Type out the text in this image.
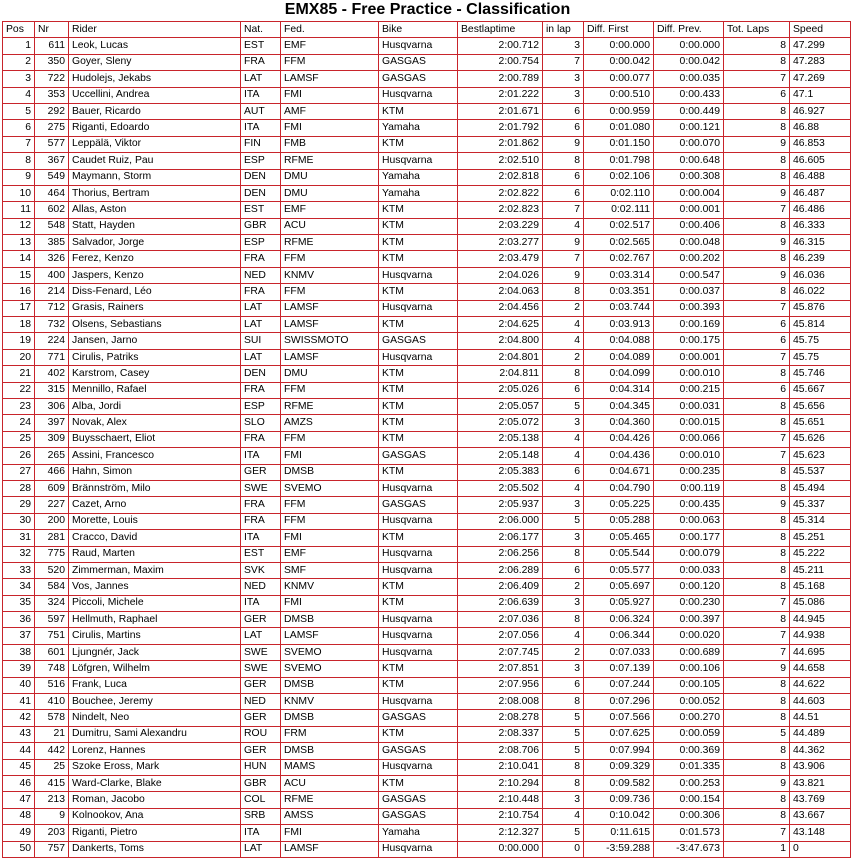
EMX85 - Free Practice - Classification
Pos	Nr	Rider	Nat.	Fed.	Bike	Bestlaptime	in lap	Diff. First	Diff. Prev.	Tot. Laps	Speed
1	611	Leok, Lucas	EST	EMF	Husqvarna	2:00.712	3	0:00.000	0:00.000	8	47.299
2	350	Goyer, Sleny	FRA	FFM	GASGAS	2:00.754	7	0:00.042	0:00.042	8	47.283
3	722	Hudolejs, Jekabs	LAT	LAMSF	GASGAS	2:00.789	3	0:00.077	0:00.035	7	47.269
4	353	Uccellini, Andrea	ITA	FMI	Husqvarna	2:01.222	3	0:00.510	0:00.433	6	47.1
5	292	Bauer, Ricardo	AUT	AMF	KTM	2:01.671	6	0:00.959	0:00.449	8	46.927
6	275	Riganti, Edoardo	ITA	FMI	Yamaha	2:01.792	6	0:01.080	0:00.121	8	46.88
7	577	Leppälä, Viktor	FIN	FMB	KTM	2:01.862	9	0:01.150	0:00.070	9	46.853
8	367	Caudet Ruiz, Pau	ESP	RFME	Husqvarna	2:02.510	8	0:01.798	0:00.648	8	46.605
9	549	Maymann, Storm	DEN	DMU	Yamaha	2:02.818	6	0:02.106	0:00.308	8	46.488
10	464	Thorius, Bertram	DEN	DMU	Yamaha	2:02.822	6	0:02.110	0:00.004	9	46.487
11	602	Allas, Aston	EST	EMF	KTM	2:02.823	7	0:02.111	0:00.001	7	46.486
12	548	Statt, Hayden	GBR	ACU	KTM	2:03.229	4	0:02.517	0:00.406	8	46.333
13	385	Salvador, Jorge	ESP	RFME	KTM	2:03.277	9	0:02.565	0:00.048	9	46.315
14	326	Ferez, Kenzo	FRA	FFM	KTM	2:03.479	7	0:02.767	0:00.202	8	46.239
15	400	Jaspers, Kenzo	NED	KNMV	Husqvarna	2:04.026	9	0:03.314	0:00.547	9	46.036
16	214	Diss-Fenard, Léo	FRA	FFM	KTM	2:04.063	8	0:03.351	0:00.037	8	46.022
17	712	Grasis, Rainers	LAT	LAMSF	Husqvarna	2:04.456	2	0:03.744	0:00.393	7	45.876
18	732	Olsens, Sebastians	LAT	LAMSF	KTM	2:04.625	4	0:03.913	0:00.169	6	45.814
19	224	Jansen, Jarno	SUI	SWISSMOTO	GASGAS	2:04.800	4	0:04.088	0:00.175	6	45.75
20	771	Cirulis, Patriks	LAT	LAMSF	Husqvarna	2:04.801	2	0:04.089	0:00.001	7	45.75
21	402	Karstrom, Casey	DEN	DMU	KTM	2:04.811	8	0:04.099	0:00.010	8	45.746
22	315	Mennillo, Rafael	FRA	FFM	KTM	2:05.026	6	0:04.314	0:00.215	6	45.667
23	306	Alba, Jordi	ESP	RFME	KTM	2:05.057	5	0:04.345	0:00.031	8	45.656
24	397	Novak, Alex	SLO	AMZS	KTM	2:05.072	3	0:04.360	0:00.015	8	45.651
25	309	Buysschaert, Eliot	FRA	FFM	KTM	2:05.138	4	0:04.426	0:00.066	7	45.626
26	265	Assini, Francesco	ITA	FMI	GASGAS	2:05.148	4	0:04.436	0:00.010	7	45.623
27	466	Hahn, Simon	GER	DMSB	KTM	2:05.383	6	0:04.671	0:00.235	8	45.537
28	609	Brännström, Milo	SWE	SVEMO	Husqvarna	2:05.502	4	0:04.790	0:00.119	8	45.494
29	227	Cazet, Arno	FRA	FFM	GASGAS	2:05.937	3	0:05.225	0:00.435	9	45.337
30	200	Morette, Louis	FRA	FFM	Husqvarna	2:06.000	5	0:05.288	0:00.063	8	45.314
31	281	Cracco, David	ITA	FMI	KTM	2:06.177	3	0:05.465	0:00.177	8	45.251
32	775	Raud, Marten	EST	EMF	Husqvarna	2:06.256	8	0:05.544	0:00.079	8	45.222
33	520	Zimmerman, Maxim	SVK	SMF	Husqvarna	2:06.289	6	0:05.577	0:00.033	8	45.211
34	584	Vos, Jannes	NED	KNMV	KTM	2:06.409	2	0:05.697	0:00.120	8	45.168
35	324	Piccoli, Michele	ITA	FMI	KTM	2:06.639	3	0:05.927	0:00.230	7	45.086
36	597	Hellmuth, Raphael	GER	DMSB	Husqvarna	2:07.036	8	0:06.324	0:00.397	8	44.945
37	751	Cirulis, Martins	LAT	LAMSF	Husqvarna	2:07.056	4	0:06.344	0:00.020	7	44.938
38	601	Ljungnér, Jack	SWE	SVEMO	Husqvarna	2:07.745	2	0:07.033	0:00.689	7	44.695
39	748	Löfgren, Wilhelm	SWE	SVEMO	KTM	2:07.851	3	0:07.139	0:00.106	9	44.658
40	516	Frank, Luca	GER	DMSB	KTM	2:07.956	6	0:07.244	0:00.105	8	44.622
41	410	Bouchee, Jeremy	NED	KNMV	Husqvarna	2:08.008	8	0:07.296	0:00.052	8	44.603
42	578	Nindelt, Neo	GER	DMSB	GASGAS	2:08.278	5	0:07.566	0:00.270	8	44.51
43	21	Dumitru, Sami Alexandru	ROU	FRM	KTM	2:08.337	5	0:07.625	0:00.059	5	44.489
44	442	Lorenz, Hannes	GER	DMSB	GASGAS	2:08.706	5	0:07.994	0:00.369	8	44.362
45	25	Szoke Eross, Mark	HUN	MAMS	Husqvarna	2:10.041	8	0:09.329	0:01.335	8	43.906
46	415	Ward-Clarke, Blake	GBR	ACU	KTM	2:10.294	8	0:09.582	0:00.253	9	43.821
47	213	Roman, Jacobo	COL	RFME	GASGAS	2:10.448	3	0:09.736	0:00.154	8	43.769
48	9	Kolnookov, Ana	SRB	AMSS	GASGAS	2:10.754	4	0:10.042	0:00.306	8	43.667
49	203	Riganti, Pietro	ITA	FMI	Yamaha	2:12.327	5	0:11.615	0:01.573	7	43.148
50	757	Dankerts, Toms	LAT	LAMSF	Husqvarna	0:00.000	0	-3:59.288	-3:47.673	1	0
